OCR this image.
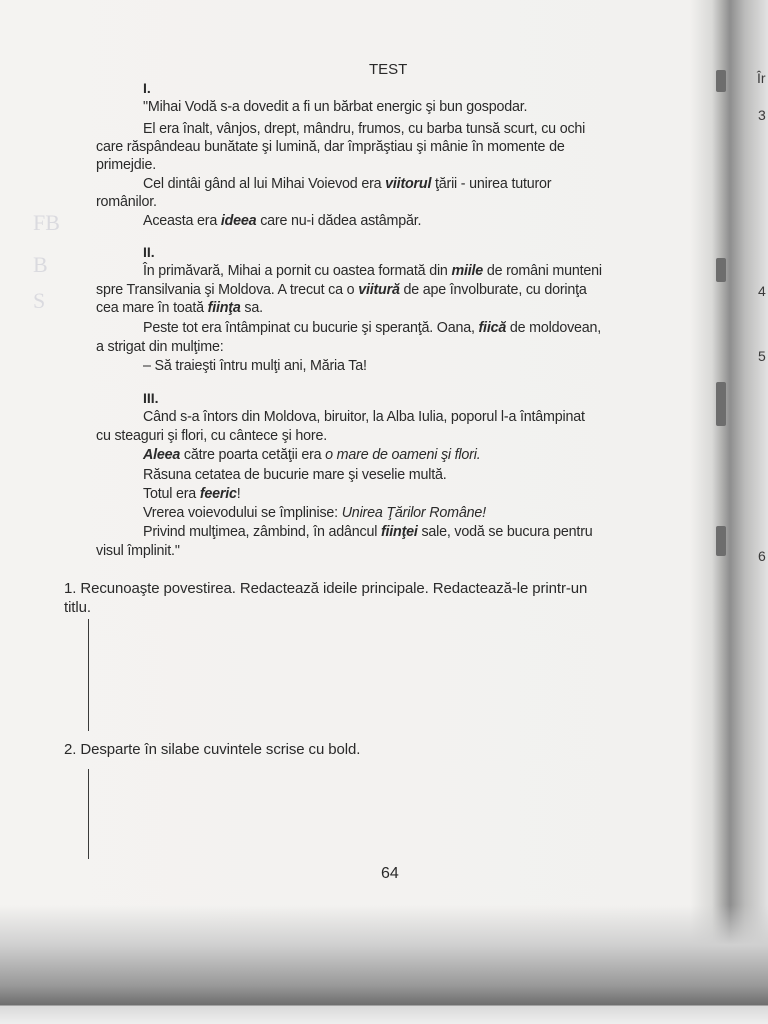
FB
B
S
TEST
I.
"Mihai Vodă s-a dovedit a fi un bărbat energic şi bun gospodar.
El era înalt, vânjos, drept, mândru, frumos, cu barba tunsă scurt, cu ochi
care răspândeau bunătate şi lumină, dar împrăştiau şi mânie în momente de
primejdie.
Cel dintâi gând al lui Mihai Voievod era viitorul ţării - unirea tuturor
românilor.
Aceasta era ideea care nu-i dădea astâmpăr.
II.
În primăvară, Mihai a pornit cu oastea formată din miile de români munteni
spre Transilvania şi Moldova. A trecut ca o viitură de ape învolburate, cu dorinţa
cea mare în toată fiinţa sa.
Peste tot era întâmpinat cu bucurie şi speranţă. Oana, fiică de moldovean,
a strigat din mulţime:
– Să traieşti întru mulţi ani, Măria Ta!
III.
Când s-a întors din Moldova, biruitor, la Alba Iulia, poporul l-a întâmpinat
cu steaguri şi flori, cu cântece şi hore.
Aleea către poarta cetăţii era o mare de oameni şi flori.
Răsuna cetatea de bucurie mare şi veselie multă.
Totul era feeric!
Vrerea voievodului se împlinise: Unirea Ţărilor Române!
Privind mulţimea, zâmbind, în adâncul fiinţei sale, vodă se bucura pentru
visul împlinit."
1. Recunoaşte povestirea. Redactează ideile principale. Redactează-le printr-un
titlu.
2. Desparte în silabe cuvintele scrise cu bold.
64
Îr
3
4
5
6
